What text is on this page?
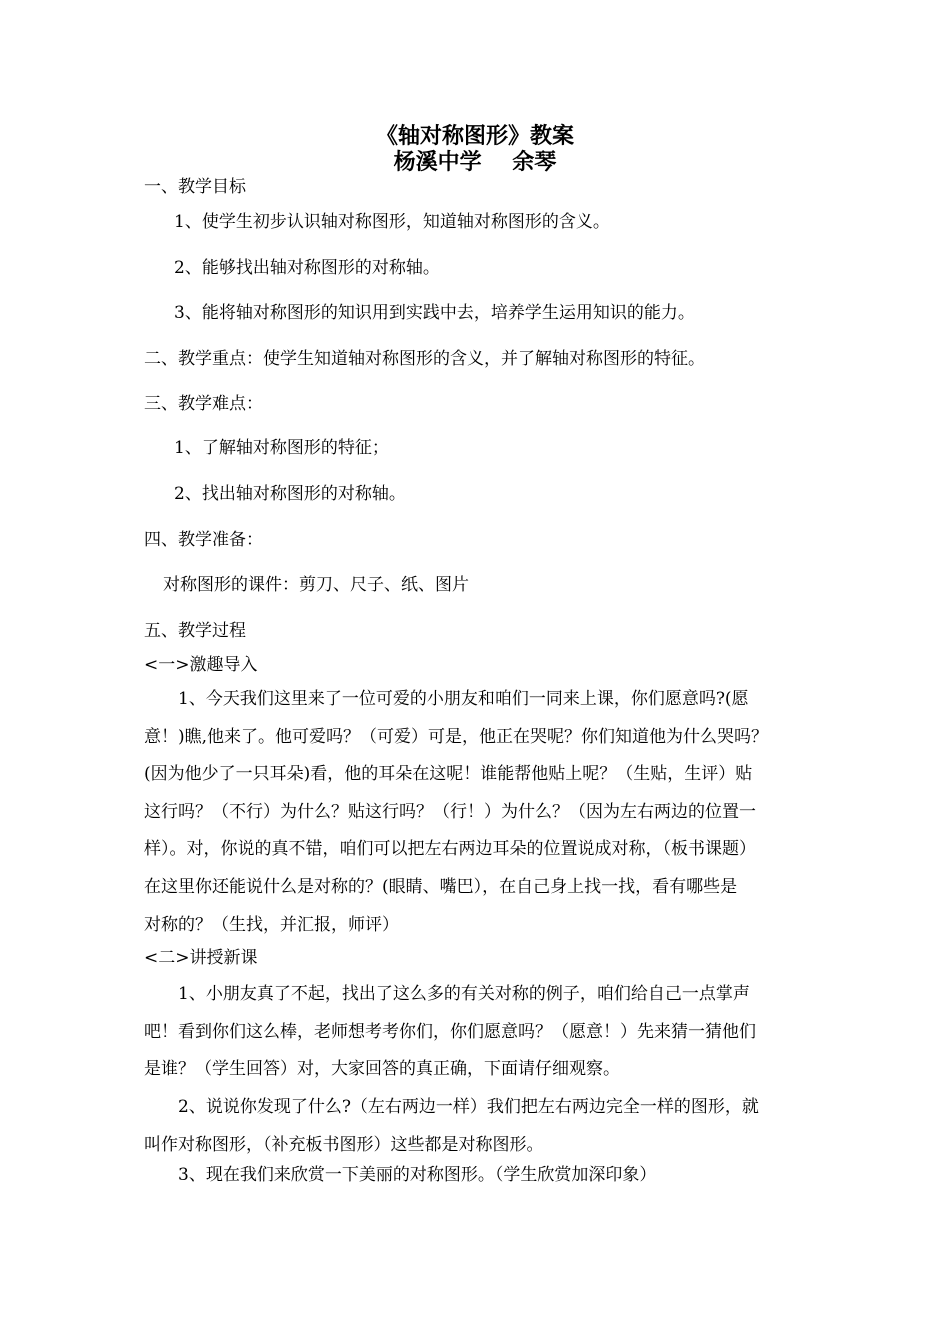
《轴对称图形》教案
杨溪中学    余琴
一、教学目标
1、使学生初步认识轴对称图形，知道轴对称图形的含义。
2、能够找出轴对称图形的对称轴。
3、能将轴对称图形的知识用到实践中去，培养学生运用知识的能力。
二、教学重点：使学生知道轴对称图形的含义，并了解轴对称图形的特征。
三、教学难点：
1、了解轴对称图形的特征；
2、找出轴对称图形的对称轴。
四、教学准备：
对称图形的课件：剪刀、尺子、纸、图片
五、教学过程
<一>激趣导入
1、今天我们这里来了一位可爱的小朋友和咱们一同来上课，你们愿意吗?(愿
意！)瞧,他来了。他可爱吗？（可爱）可是，他正在哭呢？你们知道他为什么哭吗？
(因为他少了一只耳朵)看，他的耳朵在这呢！谁能帮他贴上呢？（生贴，生评）贴
这行吗？（不行）为什么？贴这行吗？（行！）为什么？（因为左右两边的位置一
样）。对，你说的真不错，咱们可以把左右两边耳朵的位置说成对称，（板书课题）
在这里你还能说什么是对称的？(眼睛、嘴巴），在自己身上找一找，看有哪些是
对称的？（生找，并汇报，师评）
<二>讲授新课
1、小朋友真了不起，找出了这么多的有关对称的例子，咱们给自己一点掌声
吧！看到你们这么棒，老师想考考你们，你们愿意吗？（愿意！）先来猜一猜他们
是谁？（学生回答）对，大家回答的真正确，下面请仔细观察。
2、说说你发现了什么?（左右两边一样）我们把左右两边完全一样的图形，就
叫作对称图形，（补充板书图形）这些都是对称图形。
3、现在我们来欣赏一下美丽的对称图形。（学生欣赏加深印象）
